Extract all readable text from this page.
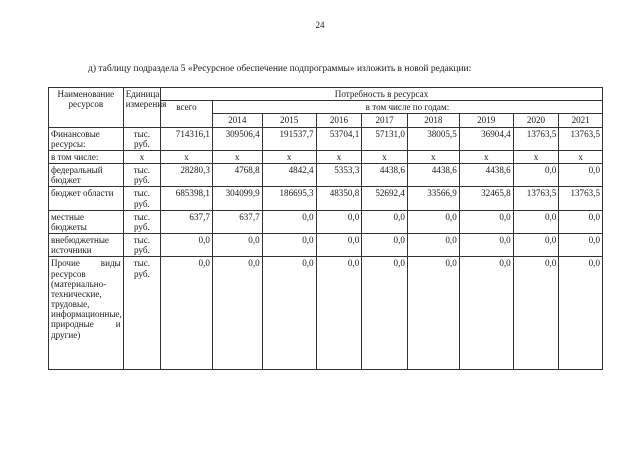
24
д) таблицу подраздела 5 «Ресурсное обеспечение подпрограммы» изложить в новой редакции:
Наименование ресурсов	Единица измерения	Потребность в ресурсах								
		всего	в том числе по годам:							
			2014	2015	2016	2017	2018	2019	2020	2021
Финансовые ресурсы:	тыс. руб.	714316,1	309506,4	191537,7	53704,1	57131,0	38005,5	36904,4	13763,5	13763,5
в том числе:	х	х	х	х	х	х	х	х	х	х
федеральный бюджет	тыс. руб.	28280,3	4768,8	4842,4	5353,3	4438,6	4438,6	4438,6	0,0	0,0
бюджет области	тыс. руб.	685398,1	304099,9	186695,3	48350,8	52692,4	33566,9	32465,8	13763,5	13763,5
местные бюджеты	тыс. руб.	637,7	637,7	0,0	0,0	0,0	0,0	0,0	0,0	0,0
внебюджетные источники	тыс. руб.	0,0	0,0	0,0	0,0	0,0	0,0	0,0	0,0	0,0
Прочие виды ресурсов (материально-технические, трудовые, информационные, природные и другие)	тыс. руб.	0,0	0,0	0,0	0,0	0,0	0,0	0,0	0,0	0,0
